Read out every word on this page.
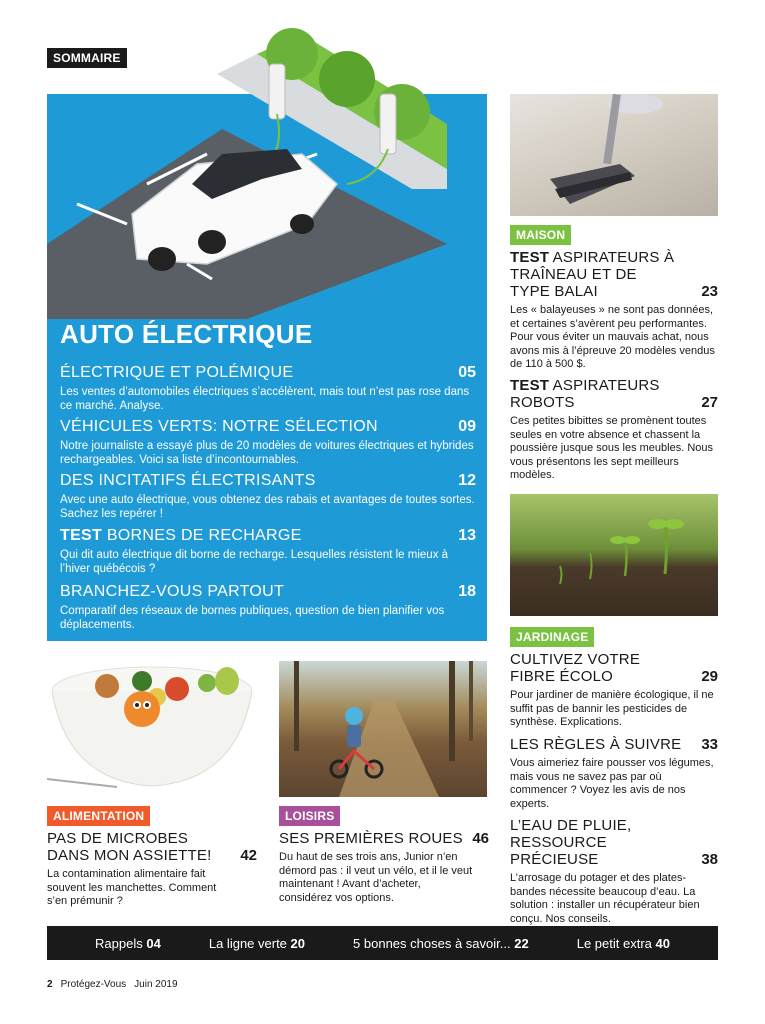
SOMMAIRE
AUTO ÉLECTRIQUE
ÉLECTRIQUE ET POLÉMIQUE	05
Les ventes d’automobiles électriques s’accélèrent, mais tout n’est pas rose dans ce marché. Analyse.
VÉHICULES VERTS: NOTRE SÉLECTION	09
Notre journaliste a essayé plus de 20 modèles de voitures électriques et hybrides rechargeables. Voici sa liste d’incontournables.
DES INCITATIFS ÉLECTRISANTS	12
Avec une auto électrique, vous obtenez des rabais et avantages de toutes sortes. Sachez les repérer !
TEST BORNES DE RECHARGE	13
Qui dit auto électrique dit borne de recharge. Lesquelles résistent le mieux à l’hiver québécois ?
BRANCHEZ-VOUS PARTOUT	18
Comparatif des réseaux de bornes publiques, question de bien planifier vos déplacements.
MAISON
TEST ASPIRATEURS À TRAÎNEAU ET DE TYPE BALAI	23
Les « balayeuses » ne sont pas données, et certaines s’avèrent peu performantes. Pour vous éviter un mauvais achat, nous avons mis à l’épreuve 20 modèles vendus de 110 à 500 $.
TEST ASPIRATEURS ROBOTS	27
Ces petites bibittes se promènent toutes seules en votre absence et chassent la poussière jusque sous les meubles. Nous vous présentons les sept meilleurs modèles.
JARDINAGE
CULTIVEZ VOTRE FIBRE ÉCOLO	29
Pour jardiner de manière écologique, il ne suffit pas de bannir les pesticides de synthèse. Explications.
LES RÈGLES À SUIVRE 33
Vous aimeriez faire pousser vos légumes, mais vous ne savez pas par où commencer ? Voyez les avis de nos experts.
L’EAU DE PLUIE, RESSOURCE PRÉCIEUSE	38
L’arrosage du potager et des plates-bandes nécessite beaucoup d’eau. La solution : installer un récupérateur bien conçu. Nos conseils.
ALIMENTATION
PAS DE MICROBES DANS MON ASSIETTE!	42
La contamination alimentaire fait souvent les manchettes. Comment s’en prémunir ?
LOISIRS
SES PREMIÈRES ROUES 46
Du haut de ses trois ans, Junior n’en démord pas : il veut un vélo, et il le veut maintenant ! Avant d’acheter, considérez vos options.
Rappels 04	La ligne verte 20	5 bonnes choses à savoir... 22	Le petit extra 40
2 Protégez-Vous Juin 2019
